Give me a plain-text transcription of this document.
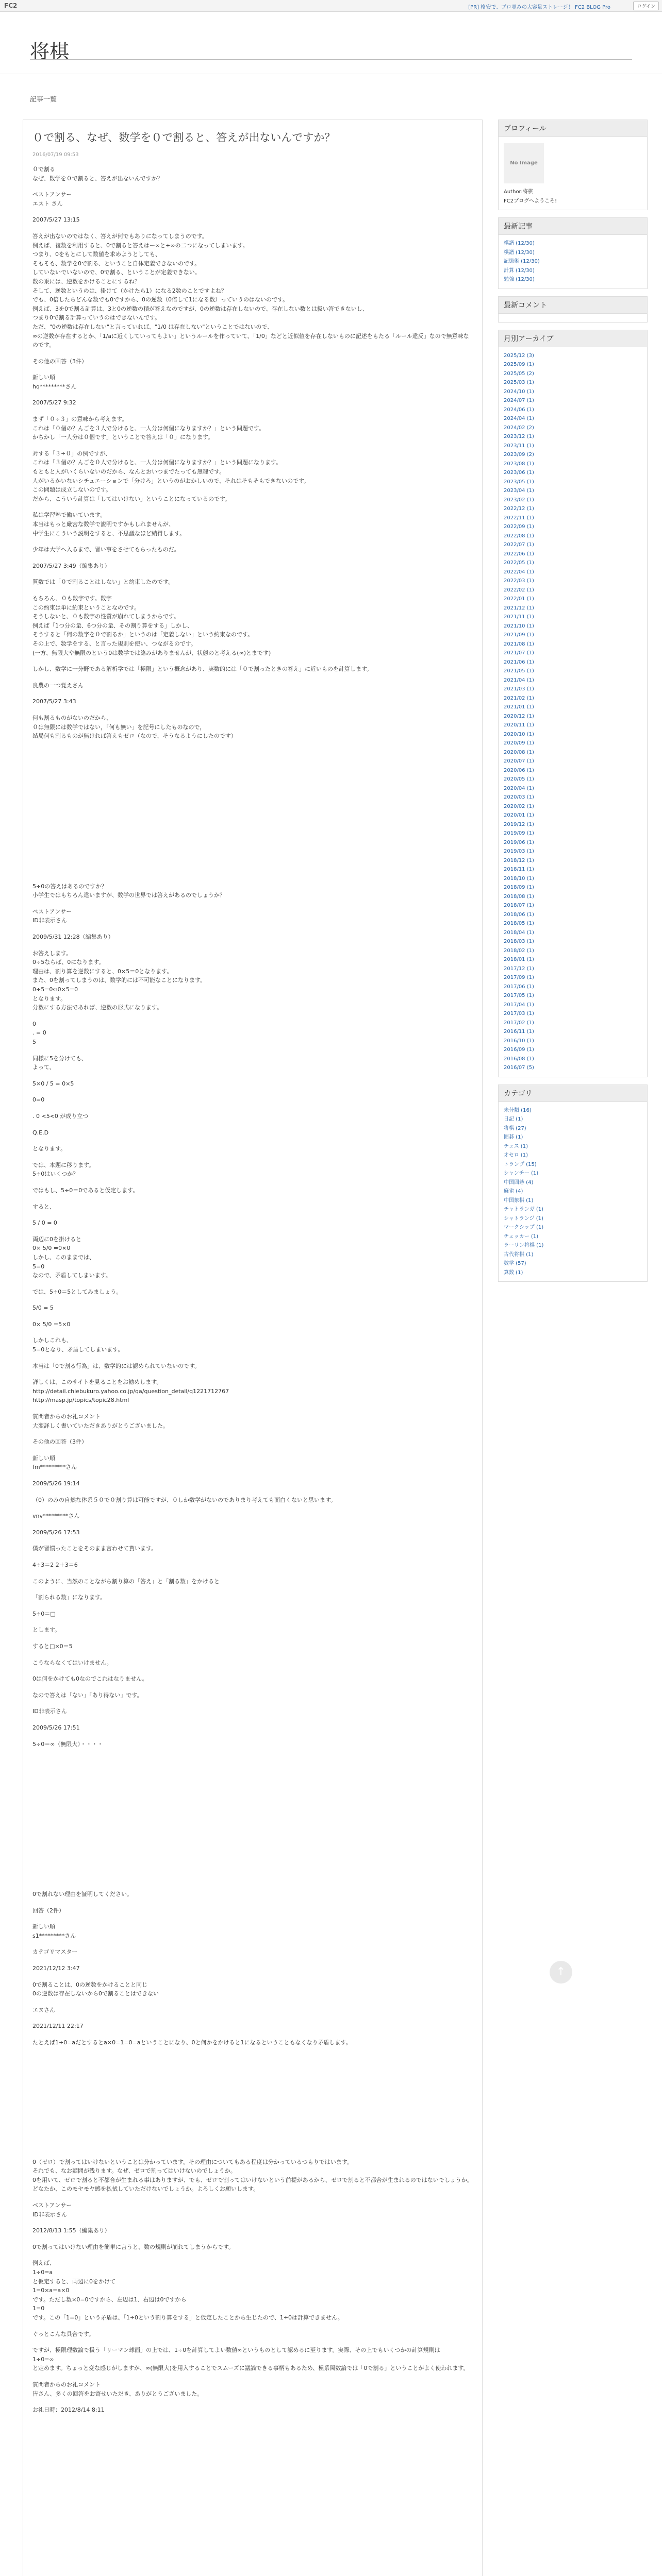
FC2	[PR] 格安で、プロ並みの大容量ストレージ！ FC2 BLOG Pro	ログイン
将棋
記事一覧
０で割る、なぜ、数学を０で割ると、答えが出ないんですか？
2016/07/19 09:53

０で割る
なぜ、数学を０で割ると、答えが出ないんですか？

ベストアンサー
エスト さん

2007/5/27 13:15

答えが出ないのではなく、答えが何でもありになってしまうのです。
例えば、複数を利用すると、0で割ると答えはー∞と+∞の二つになってしまいます。
つまり、0をもとにして数値を求めようとしても、
そもそも、数学を0で割る、ということ自体定義できないのです。
していないでいないので、0で割る、ということが定義できない。
数の乗には、逆数をかけることにするね？
そして、逆数というのは、掛けて（かけたら1）になる2数のことですよね？
でも、0倍したらどんな数でも0ですから、0の逆数（0倍して1になる数）っていうのはないのです。
例えば、3を0で割る計算は、3と0の逆数の積が答えなのですが、0の逆数は存在しないので、存在しない数とは扱い答できないし、
つまり0で割る計算っていうのはできないんです。
ただ、"0の逆数は存在しない"と言っていれば、"1/0 は存在しない"ということではないので、
∞の逆数が存在するとか、「1/aに近くしていってもよい」というルールを作っていて、「1/0」などと近似値を存在しないものに記述をもたる「ルール違反」なので無意味なのです。

その他の回答（3件）

新しい順
hq*********さん

2007/5/27 9:32

まず「０÷３」の意味から考えます。
これは「０個の？んごを３人で分けると、一人分は何個になりますか？」という問題です。
かちかし「一人分は０個です」ということで答えは「０」になります。

対する「３÷０」の例ですが、
これは「３個の？んごを０人で分けると、一人分は何個になりますか？」という問題になります。
もともと人がいくらいないのだから、なんとおいつまでたっても無理です。
人がいるかいないシチュエーションで「分けろ」というのがおかしいので、それはそもそもできないのです。
この問題は成立しないのです。
だから、こういう計算は「してはいけない」ということになっているのです。

私は学習塾で働いています。
本当はもっと厳密な数学で説明ですかもしれませんが、
中学生にこういう説明をすると、不思議なほど納得します。

少年は大学へ入るまで、習い事をさせてもらったものだ。

2007/5/27 3:49（編集あり）

質数では「０で割ることはしない」と約束したのです。

もちろん、０も数字です。数字
この約束は単に約束ということなのです。
そうしないと、０も数字の性質が崩れてしまうからです。
例えば「1つ分の量、6つ分の量、その割り算をする」しかし、
そうすると「何の数字を０で割るか」というのは「定義しない」という約束なのです。
その上で、数学をする、と言った規則を使い、つながるのです。
(一方、無限大や無限のという0は数学では絡みがありませんが、状態のと考える(∞)とまです)

しかし、数学に一分野である解析学では「極限」という概念があり、実数的には「０で割ったときの答え」に近いものを計算します。

良農の一つ覚えさん

2007/5/27 3:43

何も割るものがないのだから、
０は無限には数学ではない，「何も無い」を記号にしたものなので，
結局何も割るものが無ければ答えもゼロ（なので，そうなるようにしたのです）

5÷0の答えはあるのですか？
小学生ではもちろん違いますが、数学の世界では答えがあるのでしょうか？

ベストアンサー
ID非表示さん

2009/5/31 12:28（編集あり）

お答えします。
0÷5ならば、0になります。
理由は、割り算を逆数にすると、0×5＝0となります。
また、0を割ってしまうのは、数学的には不可能なことになります。
0÷5=0⇔0×5=0
となります。
分数にする方法であれば、逆数の形式になります。

0
. = 0
5

同様に5を分けても、
よって、

5×0 / 5 = 0×5

0=0

. 0 <5<0 が成り立つ

Q.E.D

となります。

では、本題に移ります。
5÷0はいくつか？

ではもし、5÷0＝0であると仮定します。

すると、

5 / 0 = 0

両辺に0を掛けると
0× 5/0 =0×0
しかし、このままでは、
5=0
なので、矛盾してしまいます。

では、5÷0＝5としてみましょう。

5/0 = 5

0× 5/0 =5×0

しかしこれも、
5=0となり、矛盾してしまいます。

本当は「0で割る行為」は、数学的には認められていないのです。

詳しくは、このサイトを見ることをお勧めします。
http://detail.chiebukuro.yahoo.co.jp/qa/question_detail/q1221712767
http://masp.jp/topics/topic28.html

質問者からのお礼コメント
大変詳しく書いていただきありがとうございました。

その他の回答（3件）

新しい順
fm*********さん

2009/5/26 19:14

（0）のみの自然な体系５０で０割り算は可能ですが、０しか数学がないのでありまり考えても面白くないと思います。

vnv*********さん

2009/5/26 17:53

僕が習慣ったことをそのまま言わせて貰います。

4÷3＝2 2＋3＝6

このように、当然のことながら割り算の「答え」と「割る数」をかけると

「割られる数」になります。

5÷0＝□

とします。

すると□×0＝5

こうならなくてはいけません。

0は何をかけても0なのでこれはなりません。

なので答えは「ない」「あり得ない」です。

ID非表示さん

2009/5/26 17:51

5÷0＝∞（無限大）・・・・

0で割れない理由を証明してください。

回答（2件）

新しい順
s1*********さん

カテゴリマスター

2021/12/12 3:47

0で割ることは、0の逆数をかけることと同じ
0の逆数は存在しないから0で割ることはできない

エヌさん

2021/12/11 22:17

たとえば1÷0=aだとするとa×0=1=0=aということになり、0と何かをかけると1になるということもなくなり矛盾します。

0（ゼロ）で割ってはいけないということは分かっています。その理由についてもある程度は分かっているつもりではいます。
それでも、なお疑問が残ります。なぜ、ゼロで割ってはいけないのでしょうか。
0を用いて、ゼロで割ると不都合が生まれる事はありますが、でも、ゼロで割ってはいけないという前提があるから、ゼロで割ると不都合が生まれるのではないでしょうか。どなたか、このモヤモヤ感を払拭していただけないでしょうか。よろしくお願いします。

ベストアンサー
ID非表示さん

2012/8/13 1:55（編集あり）

0で割ってはいけない理由を簡単に言うと、数の規則が崩れてしまうからです。

例えば、
1÷0=a
と仮定すると、両辺に0をかけて
1=0×a=a×0
です。ただし数×0=0ですから、左辺は1、右辺は0ですから
1=0
です。この「1=0」という矛盾は、「1÷0という割り算をする」と仮定したことから生じたので、1÷0は計算できません。

ぐっとこんな具合です。

ですが、極限理数論で扱う「リーマン球面」の上では、1÷0を計算してよい数値∞というものとして認めるに至ります。実際、その上でもいくつかの計算規則は
1÷0=∞
と定めます。ちょっと変な感じがしますが、∞(無限大)を用入することでスムーズに議論できる事柄もあるため、極系関数論では「0で割る」ということがよく使われます。

質問者からのお礼コメント
皆さん、多くの回答をお寄せいただき、ありがとうございました。

お礼日時：2012/8/14 8:11

プロフィール
No Image
Author:将棋
FC2ブログへようこそ!
最新記事
棋譜 (12/30)
棋譜 (12/30)
記憶術 (12/30)
計算 (12/30)
勉強 (12/30)
最新コメント
月別アーカイブ
2025/12 (3)
2025/09 (1)
2025/05 (2)
2025/03 (1)
2024/10 (1)
2024/07 (1)
2024/06 (1)
2024/04 (1)
2024/02 (2)
2023/12 (1)
2023/11 (1)
2023/09 (2)
2023/08 (1)
2023/06 (1)
2023/05 (1)
2023/04 (1)
2023/02 (1)
2022/12 (1)
2022/11 (1)
2022/09 (1)
2022/08 (1)
2022/07 (1)
2022/06 (1)
2022/05 (1)
2022/04 (1)
2022/03 (1)
2022/02 (1)
2022/01 (1)
2021/12 (1)
2021/11 (1)
2021/10 (1)
2021/09 (1)
2021/08 (1)
2021/07 (1)
2021/06 (1)
2021/05 (1)
2021/04 (1)
2021/03 (1)
2021/02 (1)
2021/01 (1)
2020/12 (1)
2020/11 (1)
2020/10 (1)
2020/09 (1)
2020/08 (1)
2020/07 (1)
2020/06 (1)
2020/05 (1)
2020/04 (1)
2020/03 (1)
2020/02 (1)
2020/01 (1)
2019/12 (1)
2019/09 (1)
2019/06 (1)
2019/03 (1)
2018/12 (1)
2018/11 (1)
2018/10 (1)
2018/09 (1)
2018/08 (1)
2018/07 (1)
2018/06 (1)
2018/05 (1)
2018/04 (1)
2018/03 (1)
2018/02 (1)
2018/01 (1)
2017/12 (1)
2017/09 (1)
2017/06 (1)
2017/05 (1)
2017/04 (1)
2017/03 (1)
2017/02 (1)
2016/11 (1)
2016/10 (1)
2016/09 (1)
2016/08 (1)
2016/07 (5)
カテゴリ
未分類 (16)
日記 (1)
将棋 (27)
囲碁 (1)
チェス (1)
オセロ (1)
トランプ (15)
シャンチー (1)
中国囲碁 (4)
麻雀 (4)
中国象棋 (1)
チャトランガ (1)
シャトランジ (1)
マークシップ (1)
チェッカー (1)
ラーリン将棋 (1)
古代将棋 (1)
数学 (57)
算数 (1)
↑
